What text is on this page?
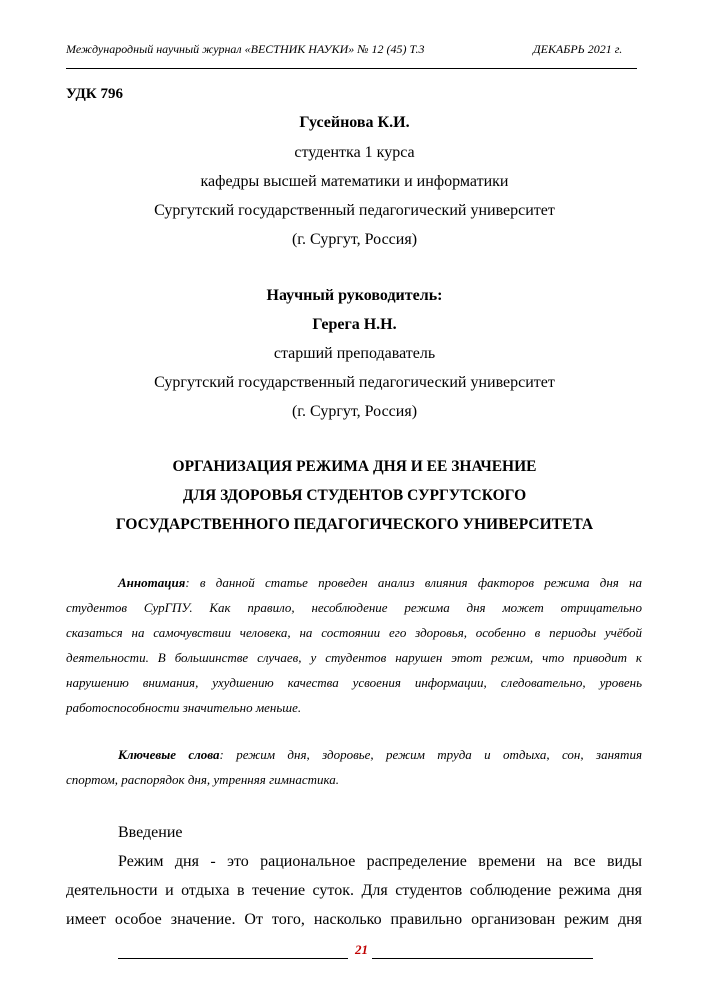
Международный научный журнал «ВЕСТНИК НАУКИ» № 12 (45) Т.3	ДЕКАБРЬ 2021 г.
УДК 796
Гусейнова К.И.
студентка 1 курса
кафедры высшей математики и информатики
Сургутский государственный педагогический университет
(г. Сургут, Россия)
Научный руководитель:
Герега Н.Н.
старший преподаватель
Сургутский государственный педагогический университет
(г. Сургут, Россия)
ОРГАНИЗАЦИЯ РЕЖИМА ДНЯ И ЕЕ ЗНАЧЕНИЕ
ДЛЯ ЗДОРОВЬЯ СТУДЕНТОВ СУРГУТСКОГО
ГОСУДАРСТВЕННОГО ПЕДАГОГИЧЕСКОГО УНИВЕРСИТЕТА
Аннотация: в данной статье проведен анализ влияния факторов режима дня на
студентов СурГПУ. Как правило, несоблюдение режима дня может отрицательно
сказаться на самочувствии человека, на состоянии его здоровья, особенно в периоды учёбой
деятельности. В большинстве случаев, у студентов нарушен этот режим, что приводит к
нарушению внимания, ухудшению качества усвоения информации, следовательно, уровень
работоспособности значительно меньше.
Ключевые слова: режим дня, здоровье, режим труда и отдыха, сон, занятия
спортом, распорядок дня, утренняя гимнастика.
Введение
Режим дня - это рациональное распределение времени на все виды
деятельности и отдыха в течение суток. Для студентов соблюдение режима дня
имеет особое значение. От того, насколько правильно организован режим дня
21
